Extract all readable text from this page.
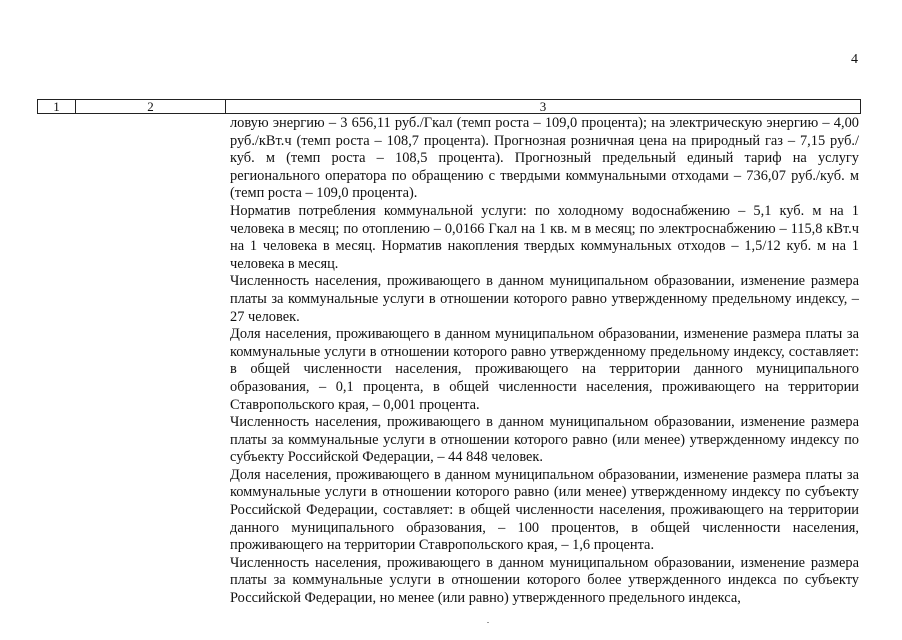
4
1	2	3

ловую энергию – 3 656,11 руб./Гкал (темп роста – 109,0 процента); на электрическую энергию – 4,00 руб./кВт.ч (темп роста – 108,7 процента). Прогнозная розничная цена на природный газ – 7,15 руб./куб. м (темп роста – 108,5 процента). Прогнозный предельный единый тариф на услугу регионального оператора по обращению с твердыми коммунальными отходами – 736,07 руб./куб. м (темп роста – 109,0 процента).

Норматив потребления коммунальной услуги: по холодному водоснабжению – 5,1 куб. м на 1 человека в месяц; по отоплению – 0,0166 Гкал на 1 кв. м в месяц; по электроснабжению – 115,8 кВт.ч на 1 человека в месяц. Норматив накопления твердых коммунальных отходов – 1,5/12 куб. м на 1 человека в месяц.

Численность населения, проживающего в данном муниципальном образовании, изменение размера платы за коммунальные услуги в отношении которого равно утвержденному предельному индексу, – 27 человек.

Доля населения, проживающего в данном муниципальном образовании, изменение размера платы за коммунальные услуги в отношении которого равно утвержденному предельному индексу, составляет: в общей численности населения, проживающего на территории данного муниципального образования, – 0,1 процента, в общей численности населения, проживающего на территории Ставропольского края, – 0,001 процента.

Численность населения, проживающего в данном муниципальном образовании, изменение размера платы за коммунальные услуги в отношении которого равно (или менее) утвержденному индексу по субъекту Российской Федерации, – 44 848 человек.

Доля населения, проживающего в данном муниципальном образовании, изменение размера платы за коммунальные услуги в отношении которого равно (или менее) утвержденному индексу по субъекту Российской Федерации, составляет: в общей численности населения, проживающего на территории данного муниципального образования, – 100 процентов, в общей численности населения, проживающего на территории Ставропольского края, – 1,6 процента.

Численность населения, проживающего в данном муниципальном образовании, изменение размера платы за коммунальные услуги в отношении которого более утвержденного индекса по субъекту Российской Федерации, но менее (или равно) утвержденного предельного индекса,
